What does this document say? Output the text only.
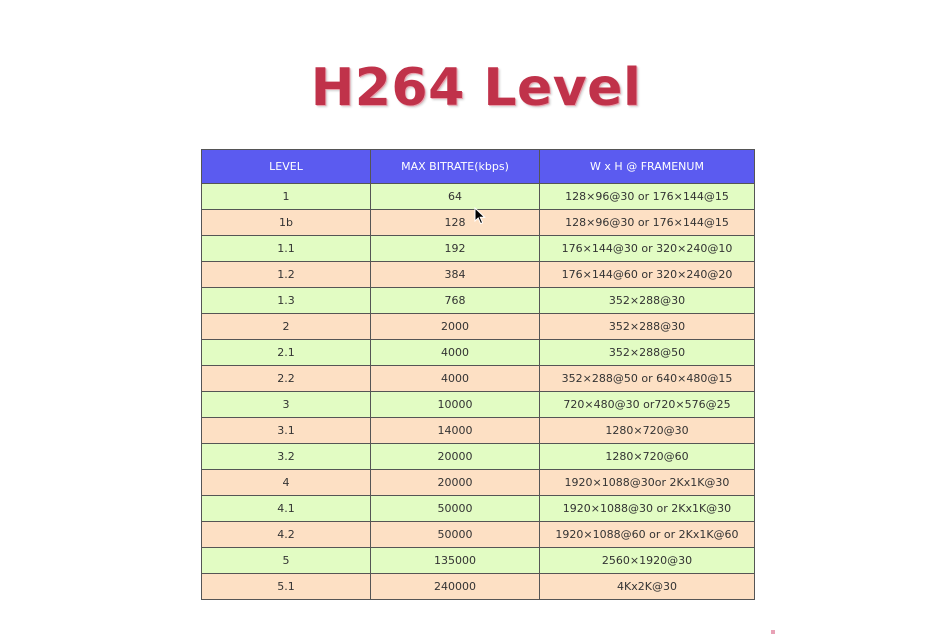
H264 Level
LEVEL	MAX BITRATE(kbps)	W x H @ FRAMENUM
1	64	128×96@30 or 176×144@15
1b	128	128×96@30 or 176×144@15
1.1	192	176×144@30 or 320×240@10
1.2	384	176×144@60 or 320×240@20
1.3	768	352×288@30
2	2000	352×288@30
2.1	4000	352×288@50
2.2	4000	352×288@50 or 640×480@15
3	10000	720×480@30 or720×576@25
3.1	14000	1280×720@30
3.2	20000	1280×720@60
4	20000	1920×1088@30or 2Kx1K@30
4.1	50000	1920×1088@30 or 2Kx1K@30
4.2	50000	1920×1088@60 or or 2Kx1K@60
5	135000	2560×1920@30
5.1	240000	4Kx2K@30
